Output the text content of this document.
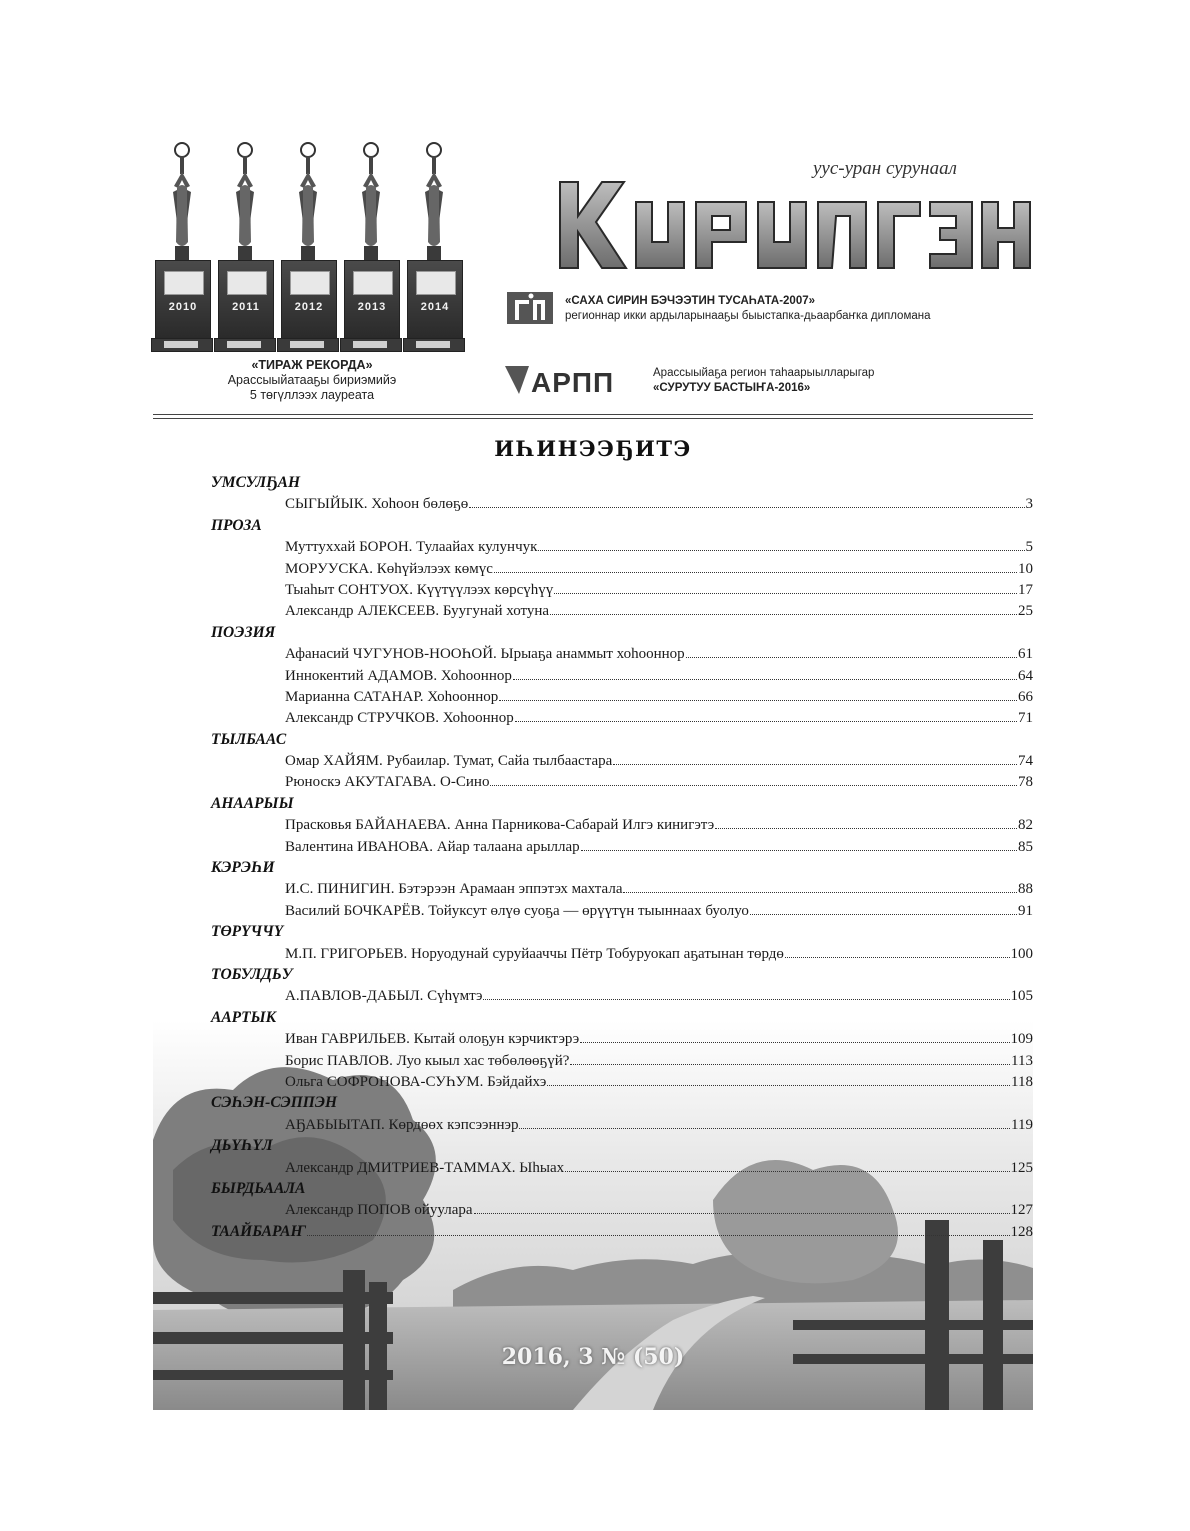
2010	2011	2012	2013	2014
«ТИРАЖ РЕКОРДА»
Арассыыйатааҕы бириэмийэ
5 төгүллээх лауреата
уус-уран сурунаал
«САХА СИРИН БЭЧЭЭТИН ТУСАҺАТА-2007»
регионнар икки ардыларынааҕы быыстапка-дьаарбаҥка дипломана
АРПП	Арассыыйаҕа регион таһаарыылларыгар
«СУРУТУУ БАСТЫҤА-2016»
ИҺИНЭЭҔИТЭ
УМСУЛҔАН
СЫГЫЙЫК. Хоһоон бөлөҕө	3
ПРОЗА
Муттуххай БОРОН. Тулаайах кулунчук	5
МОРУУСКА. Көһүйэлээх көмүс	10
Тыаһыт СОНТУОХ. Күүтүүлээх көрсүһүү	17
Александр АЛЕКСЕЕВ. Буугунай хотуна	25
ПОЭЗИЯ
Афанасий ЧУГУНОВ-НООҺОЙ. Ырыаҕа анаммыт хоһооннор	61
Иннокентий АДАМОВ. Хоһооннор	64
Марианна САТАНАР. Хоһооннор	66
Александр СТРУЧКОВ. Хоһооннор	71
ТЫЛБААС
Омар ХАЙЯМ. Рубаилар. Тумат, Сайа тылбаастара	74
Рюноскэ АКУТАГАВА. О-Сино	78
АНААРЫЫ
Прасковья БАЙАНАЕВА. Анна Парникова-Сабарай Илгэ кинигэтэ	82
Валентина ИВАНОВА. Айар талаана арыллар	85
КЭРЭҺИ
И.С. ПИНИГИН. Бэтэрээн Арамаан эппэтэх махтала	88
Василий БОЧКАРЁВ. Тойуксут өлүө суоҕа — өрүүтүн тыыннаах буолуо	91
ТӨРҮЧЧҮ
М.П. ГРИГОРЬЕВ. Норуодунай суруйааччы Пётр Тобуруокап аҕатынан төрдө	100
ТОБУЛДЬУ
А.ПАВЛОВ-ДАБЫЛ. Сүһүмтэ	105
ААРТЫК
Иван ГАВРИЛЬЕВ. Кытай олоҕун кэрчиктэрэ	109
Борис ПАВЛОВ. Луо кыыл хас төбөлөөҕүй?	113
Ольга СОФРОНОВА-СУҺУМ. Бэйдайхэ	118
СЭҺЭН-СЭППЭН
АҔАБЫЫТАП. Көрдөөх кэпсээннэр	119
ДЬҮҺҮЛ
Александр ДМИТРИЕВ-ТАММАХ. Ыһыах	125
БЫРДЬААЛА
Александр ПОПОВ ойуулара	127
ТААЙБАРАҤ	128
2016, 3 № (50)
